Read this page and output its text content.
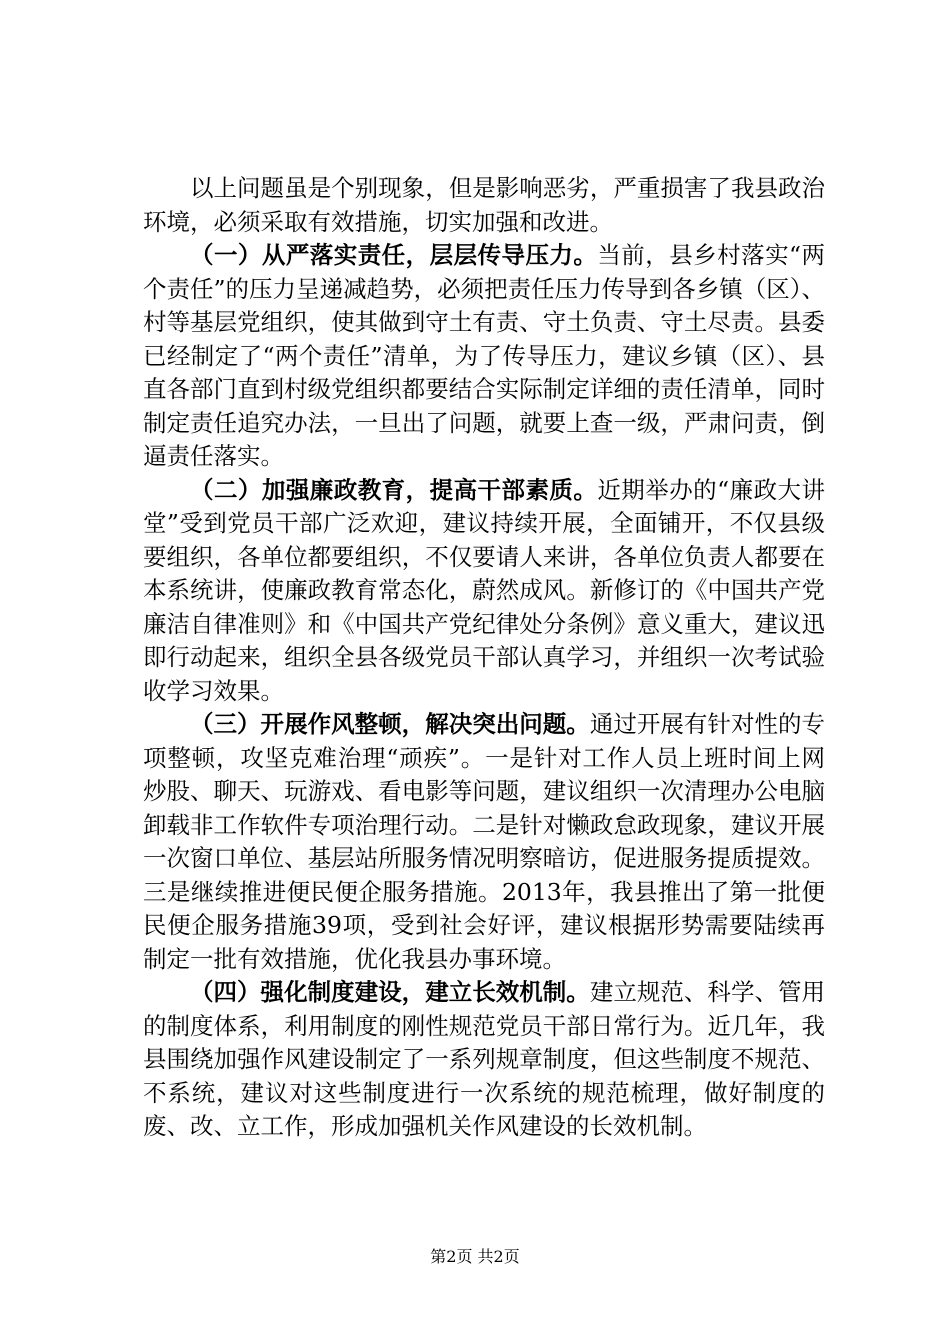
以上问题虽是个别现象，但是影响恶劣，严重损害了我县政治环境，必须采取有效措施，切实加强和改进。

（一）从严落实责任，层层传导压力。当前，县乡村落实“两个责任”的压力呈递减趋势，必须把责任压力传导到各乡镇（区）、村等基层党组织，使其做到守土有责、守土负责、守土尽责。县委已经制定了“两个责任”清单，为了传导压力，建议乡镇（区）、县直各部门直到村级党组织都要结合实际制定详细的责任清单，同时制定责任追究办法，一旦出了问题，就要上查一级，严肃问责，倒逼责任落实。

（二）加强廉政教育，提高干部素质。近期举办的“廉政大讲堂”受到党员干部广泛欢迎，建议持续开展，全面铺开，不仅县级要组织，各单位都要组织，不仅要请人来讲，各单位负责人都要在本系统讲，使廉政教育常态化，蔚然成风。新修订的《中国共产党廉洁自律准则》和《中国共产党纪律处分条例》意义重大，建议迅即行动起来，组织全县各级党员干部认真学习，并组织一次考试验收学习效果。

（三）开展作风整顿，解决突出问题。通过开展有针对性的专项整顿，攻坚克难治理“顽疾”。一是针对工作人员上班时间上网炒股、聊天、玩游戏、看电影等问题，建议组织一次清理办公电脑卸载非工作软件专项治理行动。二是针对懒政怠政现象，建议开展一次窗口单位、基层站所服务情况明察暗访，促进服务提质提效。三是继续推进便民便企服务措施。2013年，我县推出了第一批便民便企服务措施39项，受到社会好评，建议根据形势需要陆续再制定一批有效措施，优化我县办事环境。

（四）强化制度建设，建立长效机制。建立规范、科学、管用的制度体系，利用制度的刚性规范党员干部日常行为。近几年，我县围绕加强作风建设制定了一系列规章制度，但这些制度不规范、不系统，建议对这些制度进行一次系统的规范梳理，做好制度的废、改、立工作，形成加强机关作风建设的长效机制。

第2页 共2页
